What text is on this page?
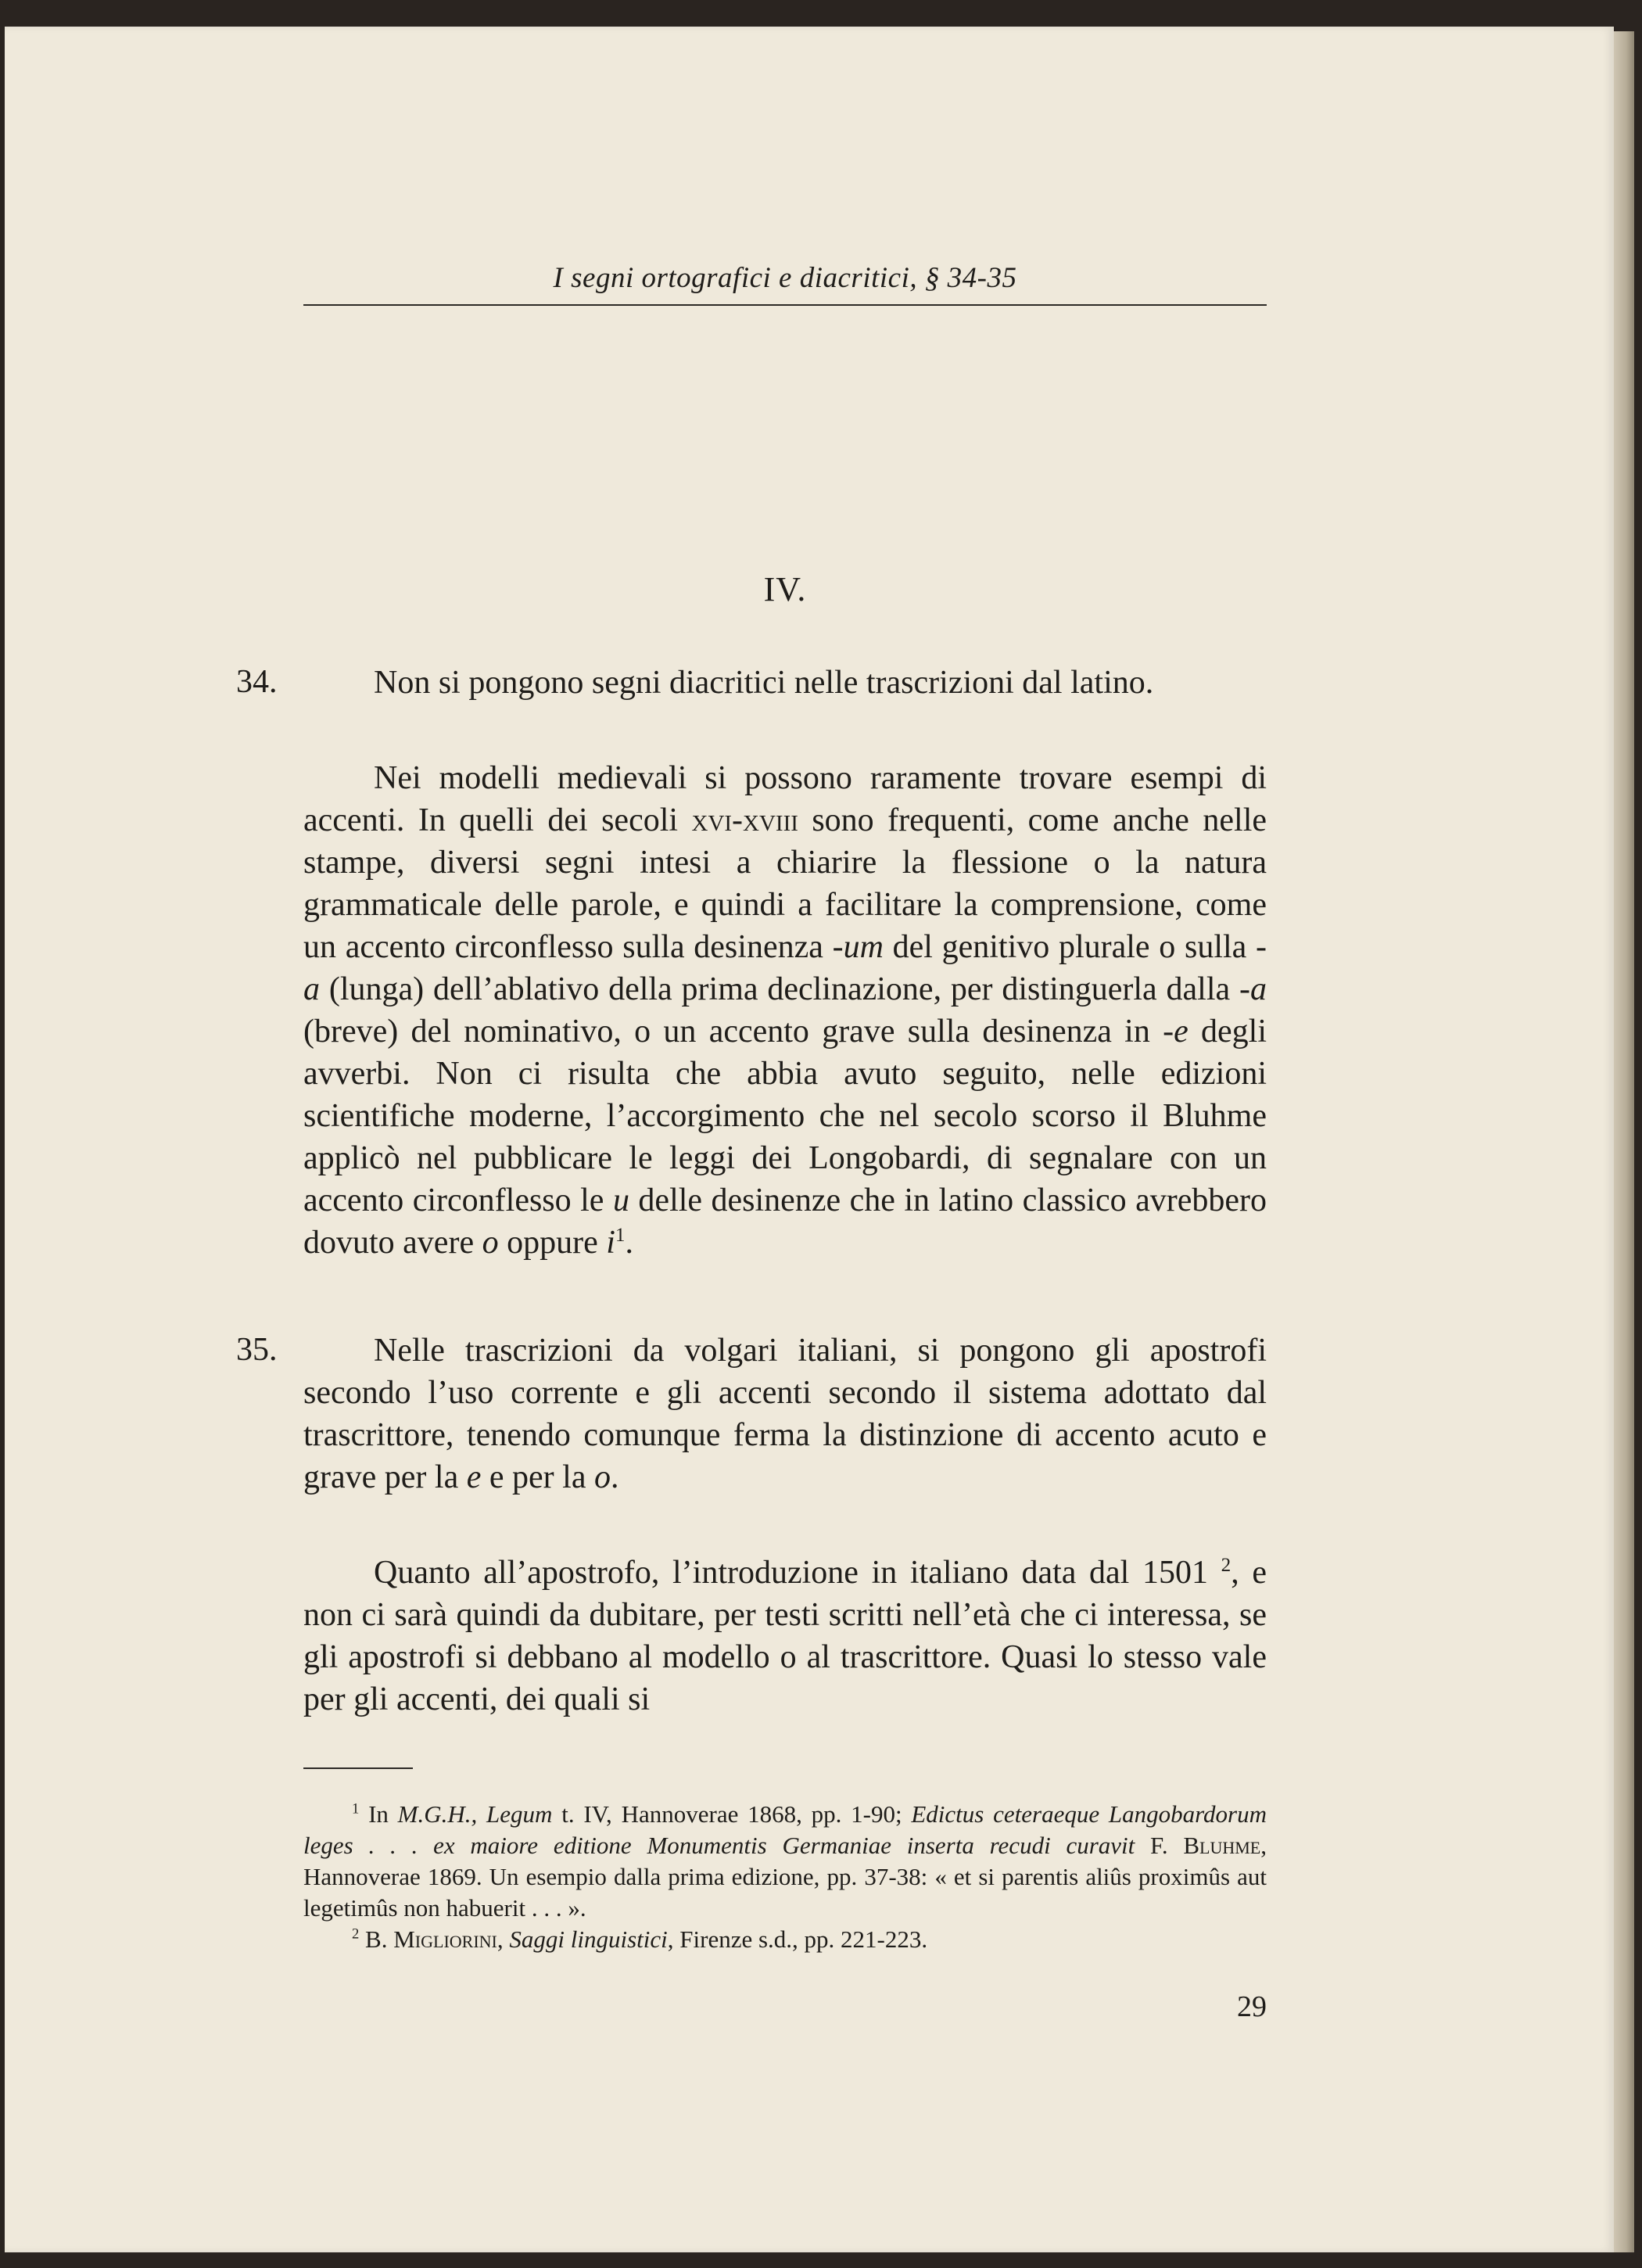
I segni ortografici e diacritici, § 34-35
IV.
34.	Non si pongono segni diacritici nelle trascrizioni dal latino.
Nei modelli medievali si possono raramente trovare esempi di accenti. In quelli dei secoli xvi-xviii sono frequenti, come anche nelle stampe, diversi segni intesi a chiarire la flessione o la natura grammaticale delle parole, e quindi a facilitare la comprensione, come un accento circonflesso sulla desinenza -um del genitivo plurale o sulla -a (lunga) dell’ablativo della prima declinazione, per distinguerla dalla -a (breve) del nominativo, o un accento grave sulla desinenza in -e degli avverbi. Non ci risulta che abbia avuto seguito, nelle edizioni scientifiche moderne, l’accorgimento che nel secolo scorso il Bluhme applicò nel pubblicare le leggi dei Longobardi, di segnalare con un accento circonflesso le u delle desinenze che in latino classico avrebbero dovuto avere o oppure $i^1$.
35.	Nelle trascrizioni da volgari italiani, si pongono gli apostrofi secondo l’uso corrente e gli accenti secondo il sistema adottato dal trascrittore, tenendo comunque ferma la distinzione di accento acuto e grave per la e e per la o.
Quanto all’apostrofo, l’introduzione in italiano data dal 1501 $^2$, e non ci sarà quindi da dubitare, per testi scritti nell’età che ci interessa, se gli apostrofi si debbano al modello o al trascrittore. Quasi lo stesso vale per gli accenti, dei quali si

$^1$ In M.G.H., Legum t. IV, Hannoverae 1868, pp. 1-90; Edictus ceteraeque Langobardorum leges . . . ex maiore editione Monumentis Germaniae inserta recudi curavit F. Bluhme, Hannoverae 1869. Un esempio dalla prima edizione, pp. 37-38: « et si parentis aliûs proximûs aut legetimûs non habuerit . . . ».

$^2$ B. Migliorini, Saggi linguistici, Firenze s.d., pp. 221-223.

29
